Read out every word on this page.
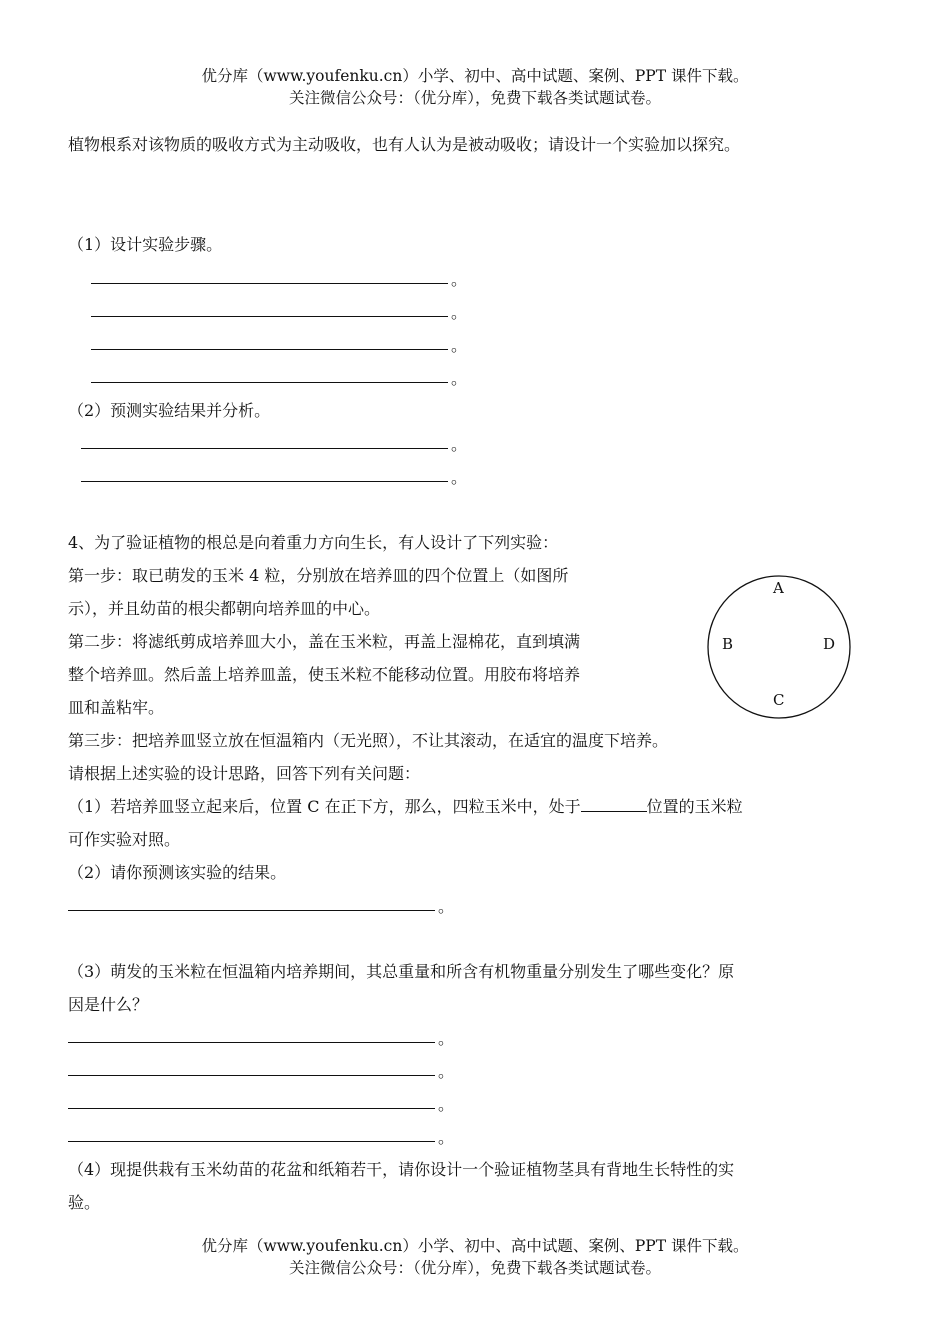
优分库（www.youfenku.cn）小学、初中、高中试题、案例、PPT 课件下载。
关注微信公众号：（优分库），免费下载各类试题试卷。
植物根系对该物质的吸收方式为主动吸收，也有人认为是被动吸收；请设计一个实验加以探究。
（1）设计实验步骤。
。
。
。
。
（2）预测实验结果并分析。
。
。
4、为了验证植物的根总是向着重力方向生长，有人设计了下列实验：
第一步：取已萌发的玉米 4 粒，分别放在培养皿的四个位置上（如图所
示），并且幼苗的根尖都朝向培养皿的中心。
第二步：将滤纸剪成培养皿大小，盖在玉米粒，再盖上湿棉花，直到填满
整个培养皿。然后盖上培养皿盖，使玉米粒不能移动位置。用胶布将培养
皿和盖粘牢。
A
B	D
C
第三步：把培养皿竖立放在恒温箱内（无光照），不让其滚动，在适宜的温度下培养。
请根据上述实验的设计思路，回答下列有关问题：
（1）若培养皿竖立起来后，位置 C 在正下方，那么，四粒玉米中，处于	位置的玉米粒
可作实验对照。
（2）请你预测该实验的结果。
。
（3）萌发的玉米粒在恒温箱内培养期间，其总重量和所含有机物重量分别发生了哪些变化？原
因是什么？
。
。
。
。
（4）现提供栽有玉米幼苗的花盆和纸箱若干，请你设计一个验证植物茎具有背地生长特性的实
验。
优分库（www.youfenku.cn）小学、初中、高中试题、案例、PPT 课件下载。
关注微信公众号：（优分库），免费下载各类试题试卷。
